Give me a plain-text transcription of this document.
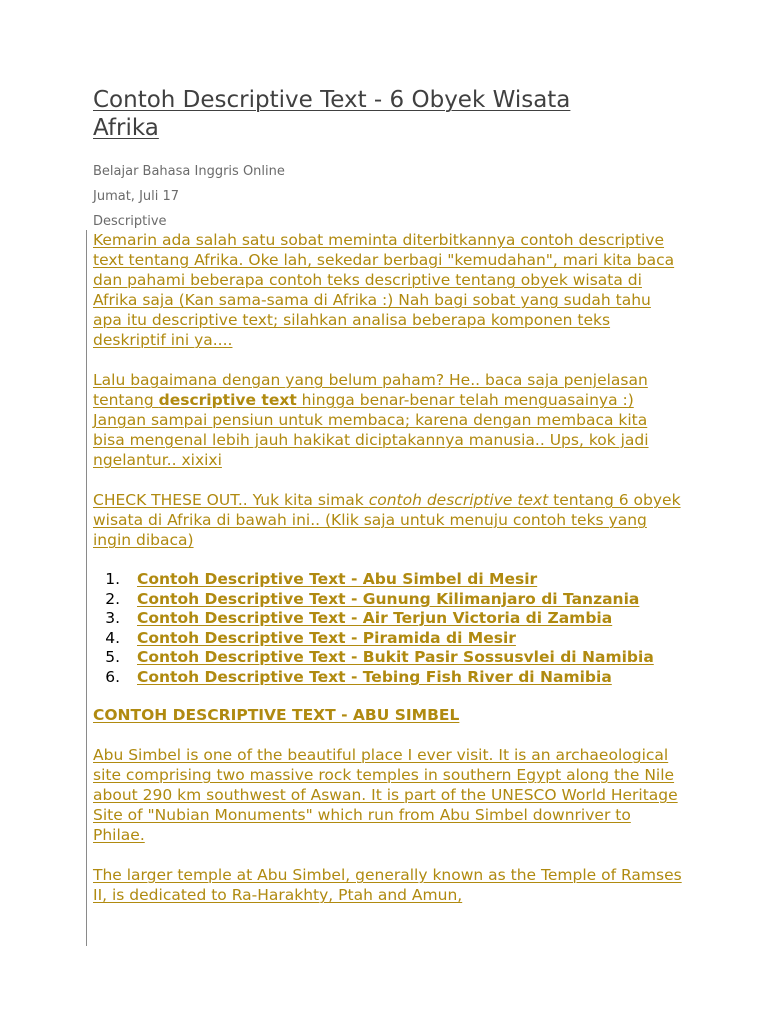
Contoh Descriptive Text - 6 Obyek Wisata Afrika

Belajar Bahasa Inggris Online

Jumat, Juli 17

Descriptive

Kemarin ada salah satu sobat meminta diterbitkannya contoh descriptive text tentang Afrika. Oke lah, sekedar berbagi "kemudahan", mari kita baca dan pahami beberapa contoh teks descriptive tentang obyek wisata di Afrika saja (Kan sama-sama di Afrika :) Nah bagi sobat yang sudah tahu apa itu descriptive text; silahkan analisa beberapa komponen teks deskriptif ini ya....

Lalu bagaimana dengan yang belum paham? He.. baca saja penjelasan tentang descriptive text hingga benar-benar telah menguasainya :) Jangan sampai pensiun untuk membaca; karena dengan membaca kita bisa mengenal lebih jauh hakikat diciptakannya manusia.. Ups, kok jadi ngelantur.. xixixi

CHECK THESE OUT.. Yuk kita simak contoh descriptive text tentang 6 obyek wisata di Afrika di bawah ini.. (Klik saja untuk menuju contoh teks yang ingin dibaca)

1. Contoh Descriptive Text - Abu Simbel di Mesir
2. Contoh Descriptive Text - Gunung Kilimanjaro di Tanzania
3. Contoh Descriptive Text - Air Terjun Victoria di Zambia
4. Contoh Descriptive Text - Piramida di Mesir
5. Contoh Descriptive Text - Bukit Pasir Sossusvlei di Namibia
6. Contoh Descriptive Text - Tebing Fish River di Namibia
CONTOH DESCRIPTIVE TEXT - ABU SIMBEL

Abu Simbel is one of the beautiful place I ever visit. It is an archaeological site comprising two massive rock temples in southern Egypt along the Nile about 290 km southwest of Aswan. It is part of the UNESCO World Heritage Site of "Nubian Monuments" which run from Abu Simbel downriver to Philae.

The larger temple at Abu Simbel, generally known as the Temple of Ramses II, is dedicated to Ra-Harakhty, Ptah and Amun,
